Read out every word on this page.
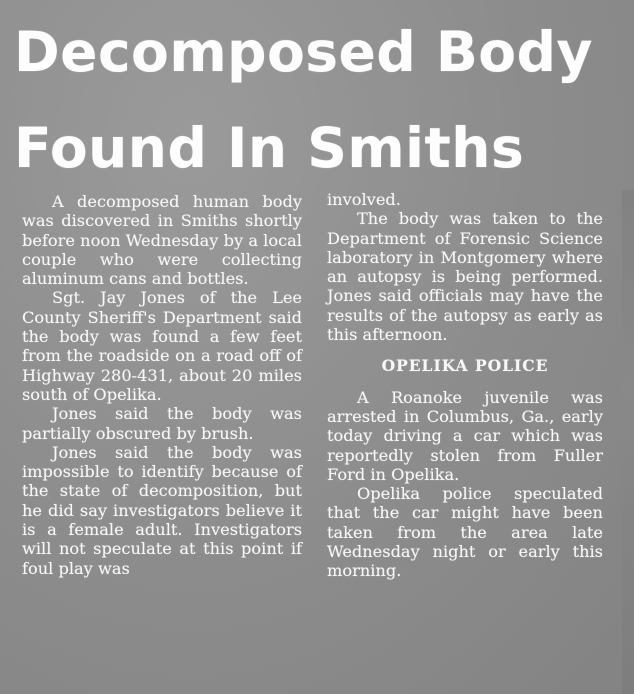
Decomposed Body
Found In Smiths

A decomposed human body was discovered in Smiths shortly before noon Wednesday by a local couple who were collecting aluminum cans and bottles.

Sgt. Jay Jones of the Lee County Sheriff's Department said the body was found a few feet from the roadside on a road off of Highway 280-431, about 20 miles south of Opelika.

Jones said the body was partially obscured by brush.

Jones said the body was impossible to identify because of the state of decomposition, but he did say investigators believe it is a female adult. Investigators will not speculate at this point if foul play was

involved.

The body was taken to the Department of Forensic Science laboratory in Montgomery where an autopsy is being performed. Jones said officials may have the results of the autopsy as early as this afternoon.

OPELIKA POLICE

A Roanoke juvenile was arrested in Columbus, Ga., early today driving a car which was reportedly stolen from Fuller Ford in Opelika.

Opelika police speculated that the car might have been taken from the area late Wednesday night or early this morning.
